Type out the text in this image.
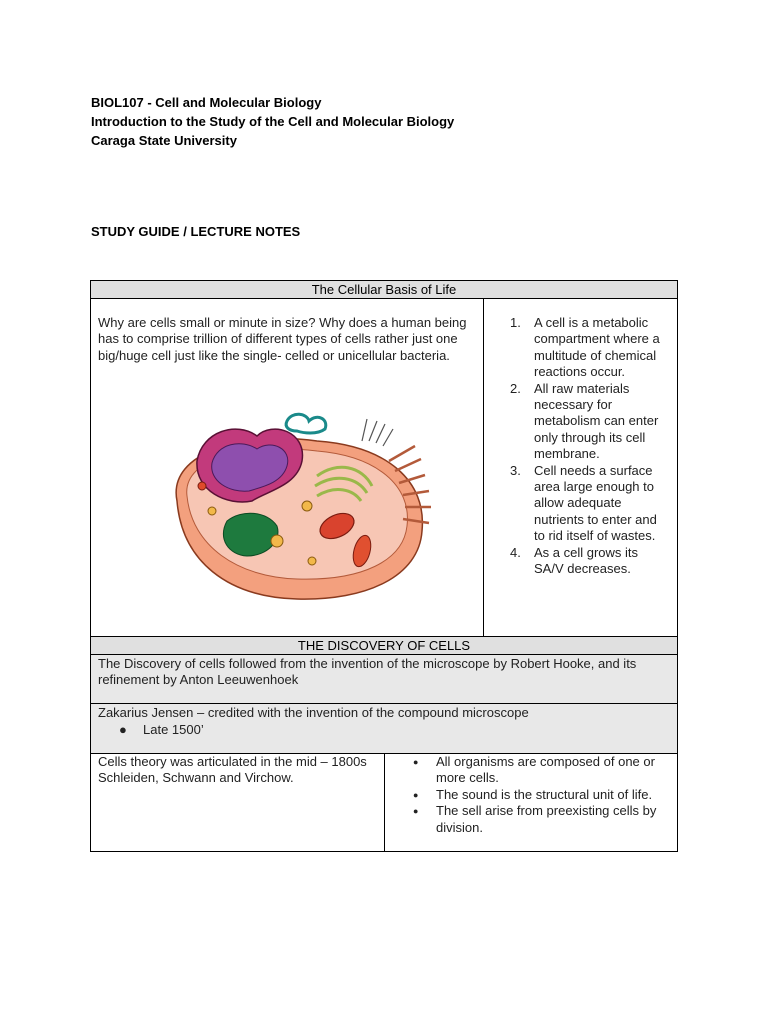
BIOL107 - Cell and Molecular Biology
Introduction to the Study of the Cell and Molecular Biology
Caraga State University
STUDY GUIDE / LECTURE NOTES
The Cellular Basis of Life
Why are cells small or minute in size? Why does a human being has to comprise trillion of different types of cells rather just one big/huge cell just like the single- celled or unicellular bacteria.
1. A cell is a metabolic compartment where a multitude of chemical reactions occur.
2. All raw materials necessary for metabolism can enter only through its cell membrane.
3. Cell needs a surface area large enough to allow adequate nutrients to enter and to rid itself of wastes.
4. As a cell grows its SA/V decreases.
THE DISCOVERY OF CELLS
The Discovery of cells followed from the invention of the microscope by Robert Hooke, and its refinement by Anton Leeuwenhoek
Zakarius Jensen – credited with the invention of the compound microscope
● Late 1500’
Cells theory was articulated in the mid – 1800s Schleiden, Schwann and Virchow.
● All organisms are composed of one or more cells.
● The sound is the structural unit of life.
● The sell arise from preexisting cells by division.
